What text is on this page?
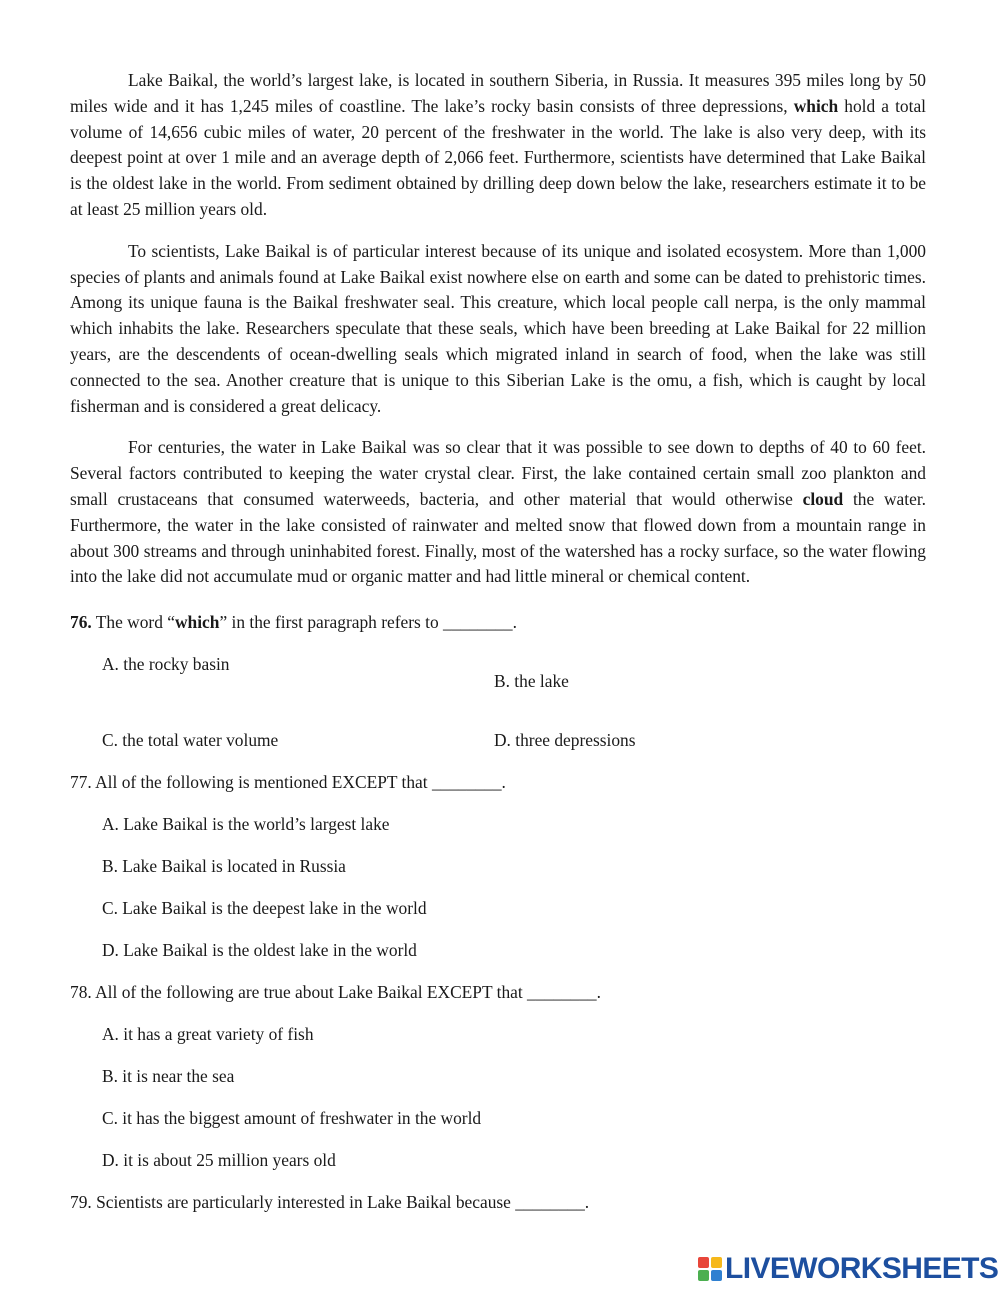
Lake Baikal, the world’s largest lake, is located in southern Siberia, in Russia. It measures 395 miles long by 50 miles wide and it has 1,245 miles of coastline. The lake’s rocky basin consists of three depressions, which hold a total volume of 14,656 cubic miles of water, 20 percent of the freshwater in the world. The lake is also very deep, with its deepest point at over 1 mile and an average depth of 2,066 feet. Furthermore, scientists have determined that Lake Baikal is the oldest lake in the world. From sediment obtained by drilling deep down below the lake, researchers estimate it to be at least 25 million years old.

To scientists, Lake Baikal is of particular interest because of its unique and isolated ecosystem. More than 1,000 species of plants and animals found at Lake Baikal exist nowhere else on earth and some can be dated to prehistoric times. Among its unique fauna is the Baikal freshwater seal. This creature, which local people call nerpa, is the only mammal which inhabits the lake. Researchers speculate that these seals, which have been breeding at Lake Baikal for 22 million years, are the descendents of ocean-dwelling seals which migrated inland in search of food, when the lake was still connected to the sea. Another creature that is unique to this Siberian Lake is the omu, a fish, which is caught by local fisherman and is considered a great delicacy.

For centuries, the water in Lake Baikal was so clear that it was possible to see down to depths of 40 to 60 feet. Several factors contributed to keeping the water crystal clear. First, the lake contained certain small zoo plankton and small crustaceans that consumed waterweeds, bacteria, and other material that would otherwise cloud the water. Furthermore, the water in the lake consisted of rainwater and melted snow that flowed down from a mountain range in about 300 streams and through uninhabited forest. Finally, most of the watershed has a rocky surface, so the water flowing into the lake did not accumulate mud or organic matter and had little mineral or chemical content.

76. The word “which” in the first paragraph refers to ________.

A. the rocky basin
B. the lake
C. the total water volume	D. three depressions

77. All of the following is mentioned EXCEPT that ________.

A. Lake Baikal is the world’s largest lake
B. Lake Baikal is located in Russia
C. Lake Baikal is the deepest lake in the world
D. Lake Baikal is the oldest lake in the world

78. All of the following are true about Lake Baikal EXCEPT that ________.

A. it has a great variety of fish
B. it is near the sea
C. it has the biggest amount of freshwater in the world
D. it is about 25 million years old

79. Scientists are particularly interested in Lake Baikal because ________.

LIVEWORKSHEETS
